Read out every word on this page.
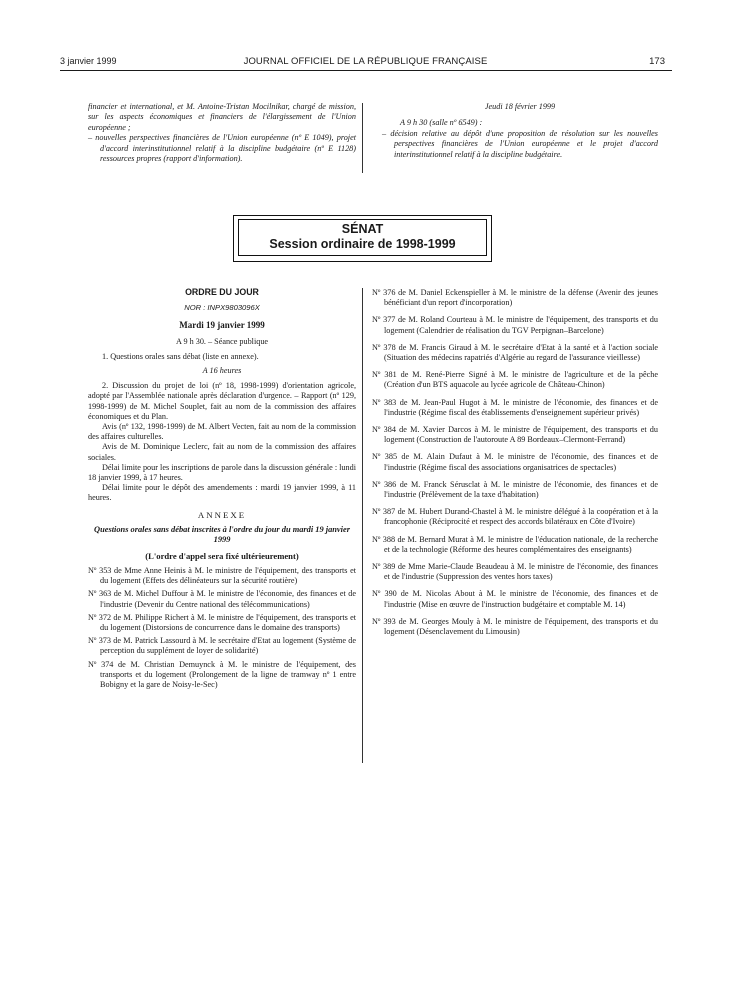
3 janvier 1999	JOURNAL OFFICIEL DE LA RÉPUBLIQUE FRANÇAISE	173
financier et international, et M. Antoine-Tristan Mocilnikar, chargé de mission, sur les aspects économiques et financiers de l'élargissement de l'Union européenne ;
– nouvelles perspectives financières de l'Union européenne (nº E 1049), projet d'accord interinstitutionnel relatif à la discipline budgétaire (nº E 1128) ressources propres (rapport d'information).
Jeudi 18 février 1999
A 9 h 30 (salle nº 6549) :
– décision relative au dépôt d'une proposition de résolution sur les nouvelles perspectives financières de l'Union européenne et le projet d'accord interinstitutionnel relatif à la discipline budgétaire.
SÉNAT
Session ordinaire de 1998-1999
ORDRE DU JOUR
NOR : INPX9803096X
Mardi 19 janvier 1999
A 9 h 30. – Séance publique
1. Questions orales sans débat (liste en annexe).
A 16 heures
2. Discussion du projet de loi (nº 18, 1998-1999) d'orientation agricole, adopté par l'Assemblée nationale après déclaration d'urgence. – Rapport (nº 129, 1998-1999) de M. Michel Souplet, fait au nom de la commission des affaires économiques et du Plan.
Avis (nº 132, 1998-1999) de M. Albert Vecten, fait au nom de la commission des affaires culturelles.
Avis de M. Dominique Leclerc, fait au nom de la commission des affaires sociales.
Délai limite pour les inscriptions de parole dans la discussion générale : lundi 18 janvier 1999, à 17 heures.
Délai limite pour le dépôt des amendements : mardi 19 janvier 1999, à 11 heures.
ANNEXE
Questions orales sans débat inscrites à l'ordre du jour du mardi 19 janvier 1999
(L'ordre d'appel sera fixé ultérieurement)
Nº 353 de Mme Anne Heinis à M. le ministre de l'équipement, des transports et du logement (Effets des délinéateurs sur la sécurité routière)
Nº 363 de M. Michel Duffour à M. le ministre de l'économie, des finances et de l'industrie (Devenir du Centre national des télécommunications)
Nº 372 de M. Philippe Richert à M. le ministre de l'équipement, des transports et du logement (Distorsions de concurrence dans le domaine des transports)
Nº 373 de M. Patrick Lassourd à M. le secrétaire d'Etat au logement (Système de perception du supplément de loyer de solidarité)
Nº 374 de M. Christian Demuynck à M. le ministre de l'équipement, des transports et du logement (Prolongement de la ligne de tramway nº 1 entre Bobigny et la gare de Noisy-le-Sec)
Nº 376 de M. Daniel Eckenspieller à M. le ministre de la défense (Avenir des jeunes bénéficiant d'un report d'incorporation)
Nº 377 de M. Roland Courteau à M. le ministre de l'équipement, des transports et du logement (Calendrier de réalisation du TGV Perpignan–Barcelone)
Nº 378 de M. Francis Giraud à M. le secrétaire d'Etat à la santé et à l'action sociale (Situation des médecins rapatriés d'Algérie au regard de l'assurance vieillesse)
Nº 381 de M. René-Pierre Signé à M. le ministre de l'agriculture et de la pêche (Création d'un BTS aquacole au lycée agricole de Château-Chinon)
Nº 383 de M. Jean-Paul Hugot à M. le ministre de l'économie, des finances et de l'industrie (Régime fiscal des établissements d'enseignement supérieur privés)
Nº 384 de M. Xavier Darcos à M. le ministre de l'équipement, des transports et du logement (Construction de l'autoroute A 89 Bordeaux–Clermont-Ferrand)
Nº 385 de M. Alain Dufaut à M. le ministre de l'économie, des finances et de l'industrie (Régime fiscal des associations organisatrices de spectacles)
Nº 386 de M. Franck Sérusclat à M. le ministre de l'économie, des finances et de l'industrie (Prélèvement de la taxe d'habitation)
Nº 387 de M. Hubert Durand-Chastel à M. le ministre délégué à la coopération et à la francophonie (Réciprocité et respect des accords bilatéraux en Côte d'Ivoire)
Nº 388 de M. Bernard Murat à M. le ministre de l'éducation nationale, de la recherche et de la technologie (Réforme des heures complémentaires des enseignants)
Nº 389 de Mme Marie-Claude Beaudeau à M. le ministre de l'économie, des finances et de l'industrie (Suppression des ventes hors taxes)
Nº 390 de M. Nicolas About à M. le ministre de l'économie, des finances et de l'industrie (Mise en œuvre de l'instruction budgétaire et comptable M. 14)
Nº 393 de M. Georges Mouly à M. le ministre de l'équipement, des transports et du logement (Désenclavement du Limousin)
